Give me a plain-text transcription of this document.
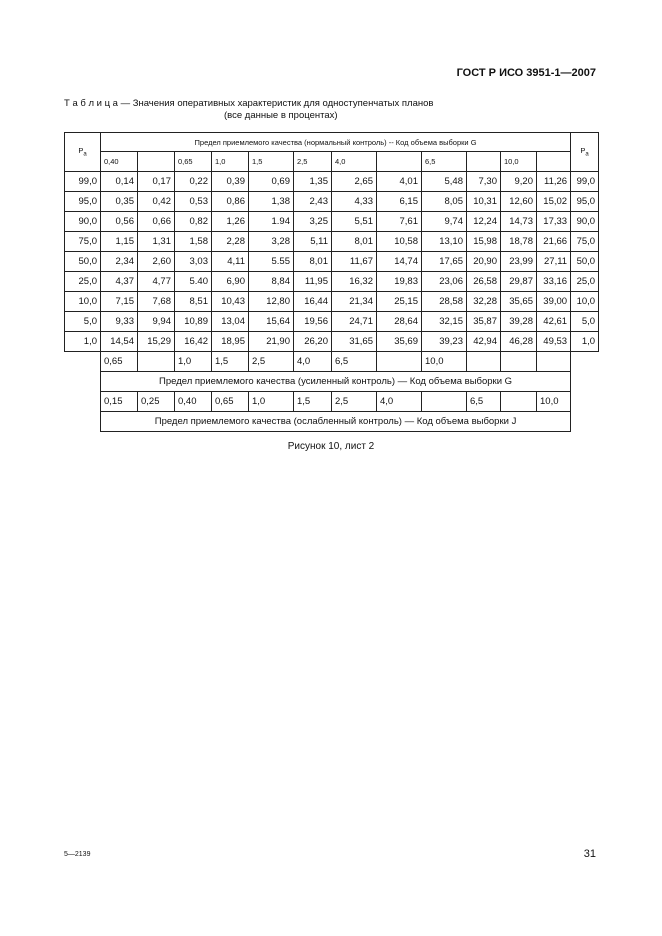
ГОСТ Р ИСО 3951-1—2007
Т а б л и ц а — Значения оперативных характеристик для одноступенчатых планов
(все данные в процентах)
$P_a$	Предел приемлемого качества (нормальный контроль) -- Код объема выборки G												$P_a$
	0,40		0,65	1,0	1,5	2,5	4,0		6,5		10,0		
99,0	0,14	0,17	0,22	0,39	0,69	1,35	2,65	4,01	5,48	7,30	9,20	11,26	99,0
95,0	0,35	0,42	0,53	0,86	1,38	2,43	4,33	6,15	8,05	10,31	12,60	15,02	95,0
90,0	0,56	0,66	0,82	1,26	1.94	3,25	5,51	7,61	9,74	12,24	14,73	17,33	90,0
75,0	1,15	1,31	1,58	2,28	3,28	5,11	8,01	10,58	13,10	15,98	18,78	21,66	75,0
50,0	2,34	2,60	3,03	4,11	5.55	8,01	11,67	14,74	17,65	20,90	23,99	27,11	50,0
25,0	4,37	4,77	5.40	6,90	8,84	11,95	16,32	19,83	23,06	26,58	29,87	33,16	25,0
10,0	7,15	7,68	8,51	10,43	12,80	16,44	21,34	25,15	28,58	32,28	35,65	39,00	10,0
5,0	9,33	9,94	10,89	13,04	15,64	19,56	24,71	28,64	32,15	35,87	39,28	42,61	5,0
1,0	14,54	15,29	16,42	18,95	21,90	26,20	31,65	35,69	39,23	42,94	46,28	49,53	1,0
	0,65		1,0	1,5	2,5	4,0	6,5		10,0				
	Предел приемлемого качества (усиленный контроль) — Код объема выборки G												
	0,15	0,25	0,40	0,65	1,0	1,5	2,5	4,0		6,5		10,0	
	Предел приемлемого качества (ослабленный контроль) — Код объема выборки J												
Рисунок 10, лист 2
5—2139	31
